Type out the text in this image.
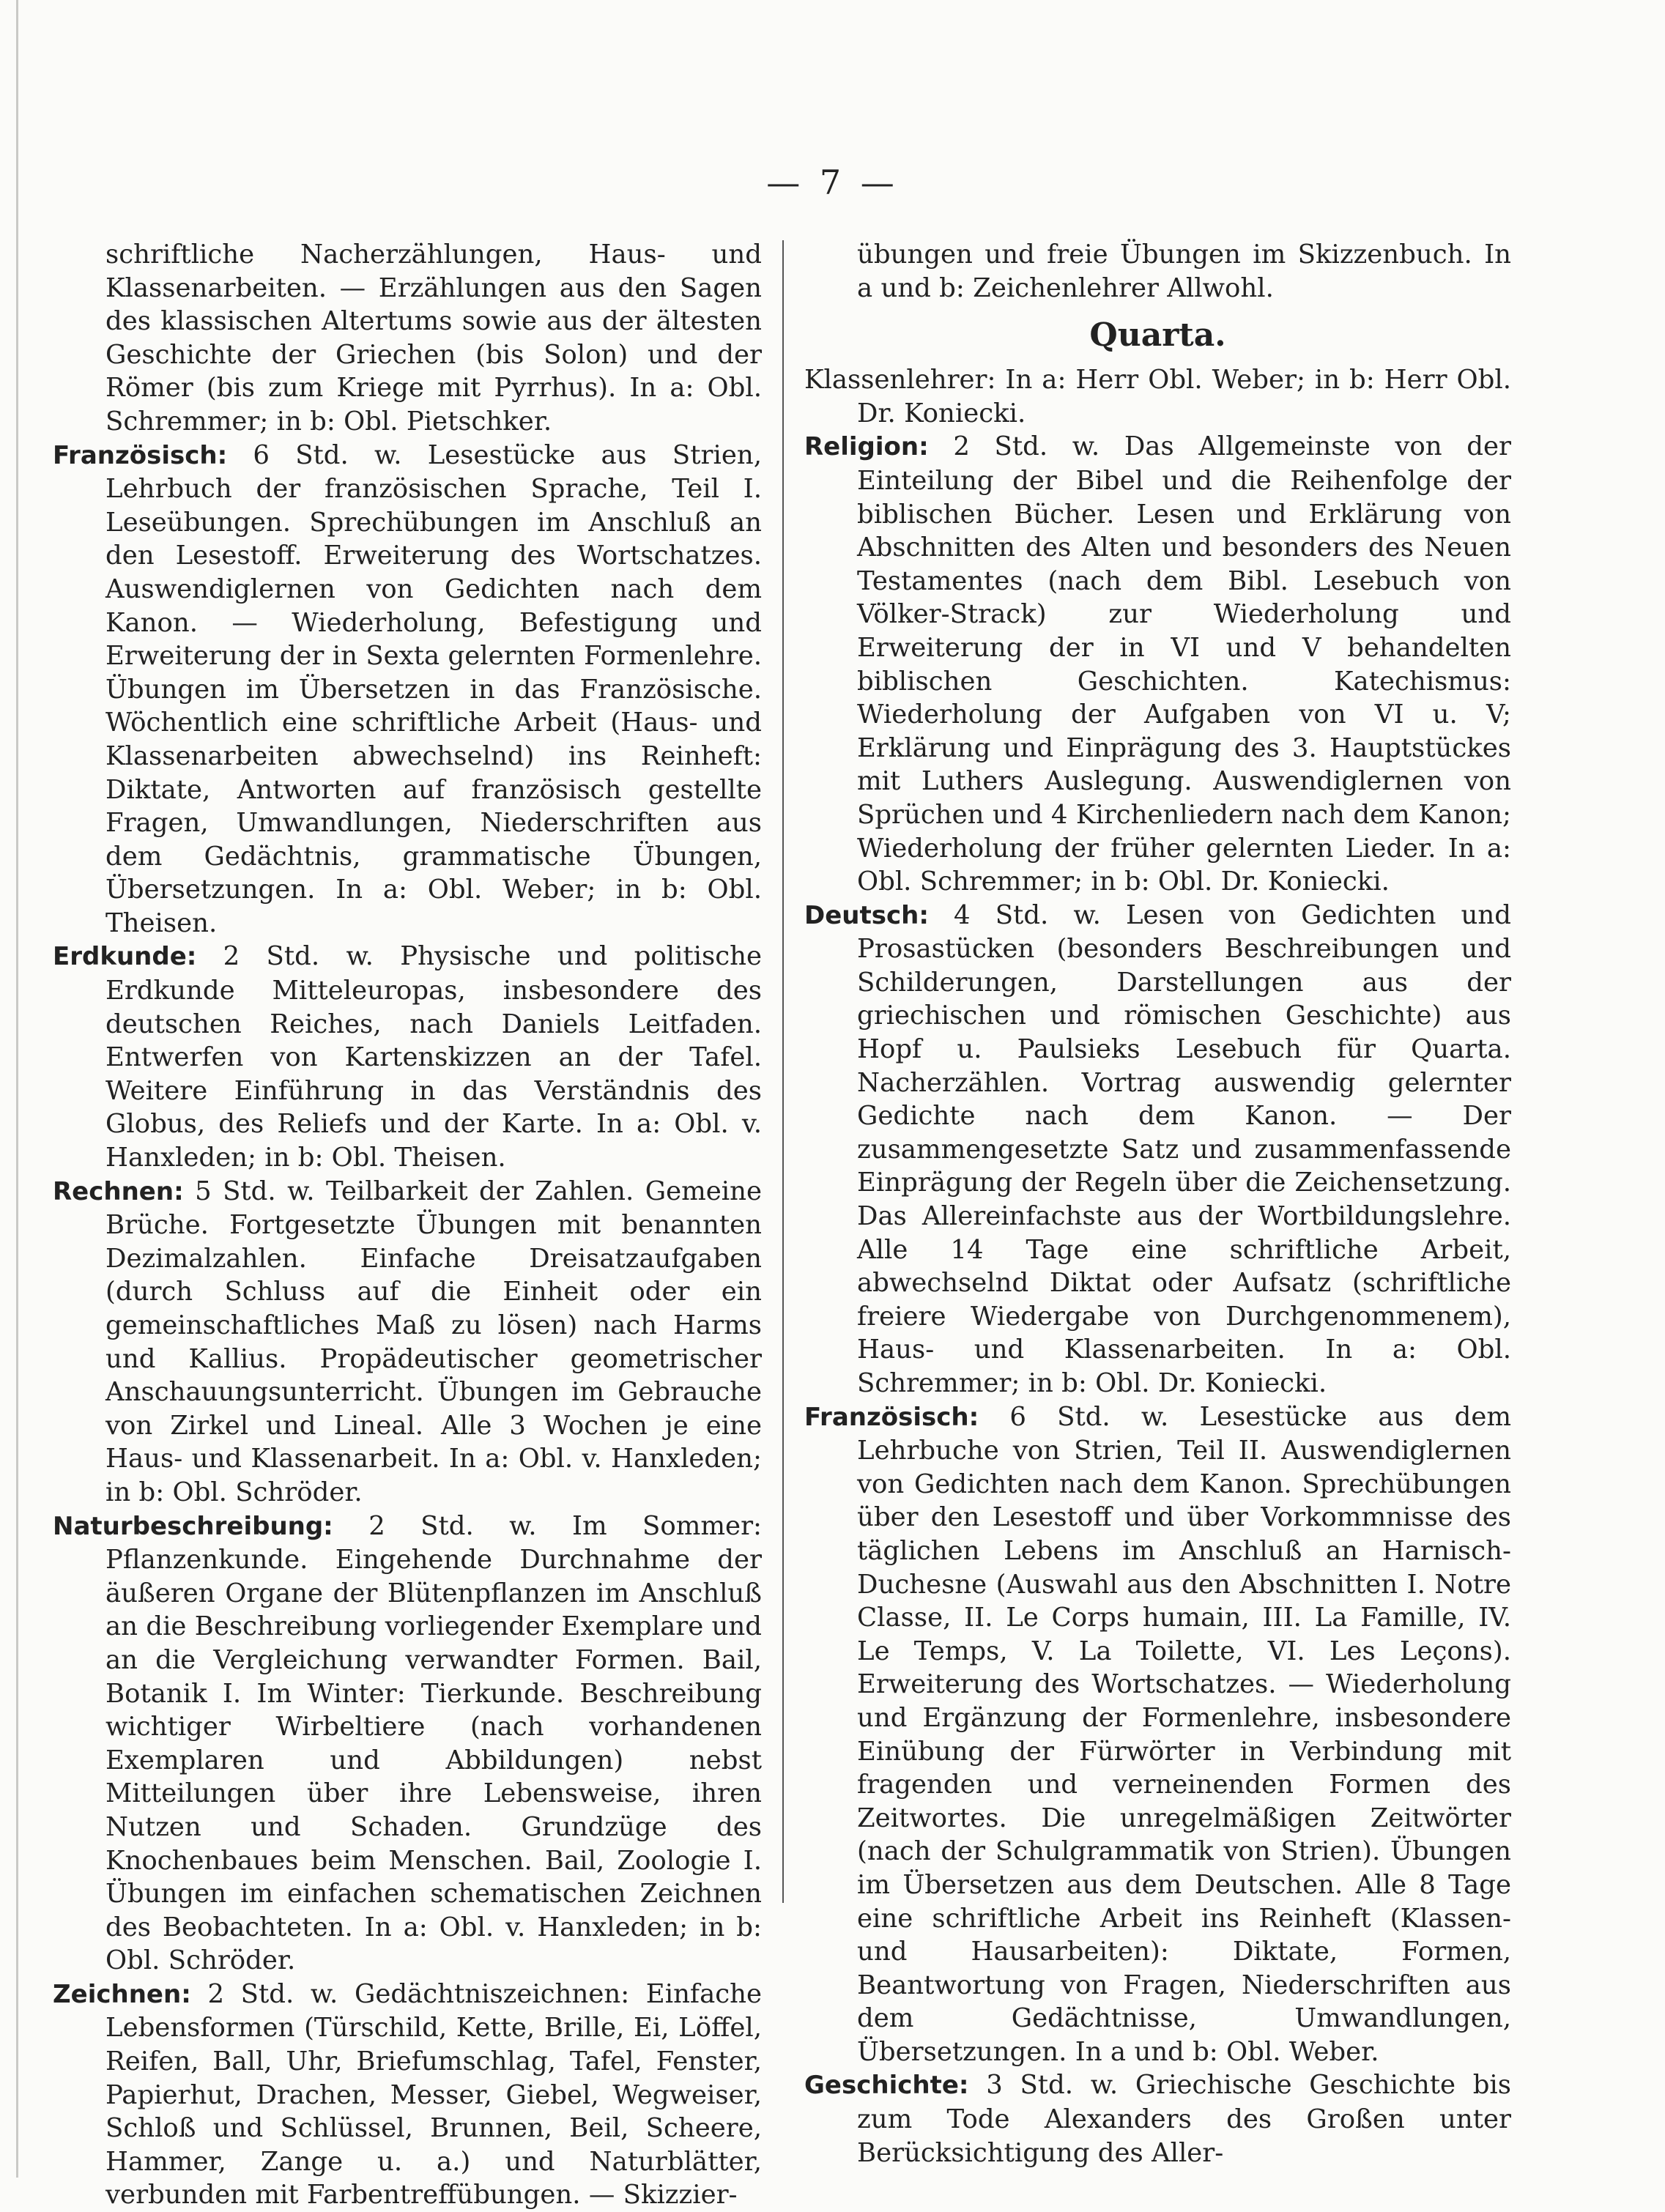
— 7 —

schriftliche Nacherzählungen, Haus- und Klassenarbeiten. — Erzählungen aus den Sagen des klassischen Altertums sowie aus der ältesten Geschichte der Griechen (bis Solon) und der Römer (bis zum Kriege mit Pyrrhus). In a: Obl. Schremmer; in b: Obl. Pietschker.

Französisch: 6 Std. w. Lesestücke aus Strien, Lehrbuch der französischen Sprache, Teil I. Leseübungen. Sprechübungen im Anschluß an den Lesestoff. Erweiterung des Wortschatzes. Auswendiglernen von Gedichten nach dem Kanon. — Wiederholung, Befestigung und Erweiterung der in Sexta gelernten Formenlehre. Übungen im Übersetzen in das Französische. Wöchentlich eine schriftliche Arbeit (Haus- und Klassenarbeiten abwechselnd) ins Reinheft: Diktate, Antworten auf französisch gestellte Fragen, Umwandlungen, Niederschriften aus dem Gedächtnis, grammatische Übungen, Übersetzungen. In a: Obl. Weber; in b: Obl. Theisen.

Erdkunde: 2 Std. w. Physische und politische Erdkunde Mitteleuropas, insbesondere des deutschen Reiches, nach Daniels Leitfaden. Entwerfen von Kartenskizzen an der Tafel. Weitere Einführung in das Verständnis des Globus, des Reliefs und der Karte. In a: Obl. v. Hanxleden; in b: Obl. Theisen.

Rechnen: 5 Std. w. Teilbarkeit der Zahlen. Gemeine Brüche. Fortgesetzte Übungen mit benannten Dezimalzahlen. Einfache Dreisatzaufgaben (durch Schluss auf die Einheit oder ein gemeinschaftliches Maß zu lösen) nach Harms und Kallius. Propädeutischer geometrischer Anschauungsunterricht. Übungen im Gebrauche von Zirkel und Lineal. Alle 3 Wochen je eine Haus- und Klassenarbeit. In a: Obl. v. Hanxleden; in b: Obl. Schröder.

Naturbeschreibung: 2 Std. w. Im Sommer: Pflanzenkunde. Eingehende Durchnahme der äußeren Organe der Blütenpflanzen im Anschluß an die Beschreibung vorliegender Exemplare und an die Vergleichung verwandter Formen. Bail, Botanik I. Im Winter: Tierkunde. Beschreibung wichtiger Wirbeltiere (nach vorhandenen Exemplaren und Abbildungen) nebst Mitteilungen über ihre Lebensweise, ihren Nutzen und Schaden. Grundzüge des Knochenbaues beim Menschen. Bail, Zoologie I. Übungen im einfachen schematischen Zeichnen des Beobachteten. In a: Obl. v. Hanxleden; in b: Obl. Schröder.

Zeichnen: 2 Std. w. Gedächtniszeichnen: Einfache Lebensformen (Türschild, Kette, Brille, Ei, Löffel, Reifen, Ball, Uhr, Briefumschlag, Tafel, Fenster, Papierhut, Drachen, Messer, Giebel, Wegweiser, Schloß und Schlüssel, Brunnen, Beil, Scheere, Hammer, Zange u. a.) und Naturblätter, verbunden mit Farbentreffübungen. — Skizzier-

übungen und freie Übungen im Skizzenbuch. In a und b: Zeichenlehrer Allwohl.

Quarta.

Klassenlehrer: In a: Herr Obl. Weber; in b: Herr Obl. Dr. Koniecki.

Religion: 2 Std. w. Das Allgemeinste von der Einteilung der Bibel und die Reihenfolge der biblischen Bücher. Lesen und Erklärung von Abschnitten des Alten und besonders des Neuen Testamentes (nach dem Bibl. Lesebuch von Völker-Strack) zur Wiederholung und Erweiterung der in VI und V behandelten biblischen Geschichten. Katechismus: Wiederholung der Aufgaben von VI u. V; Erklärung und Einprägung des 3. Hauptstückes mit Luthers Auslegung. Auswendiglernen von Sprüchen und 4 Kirchenliedern nach dem Kanon; Wiederholung der früher gelernten Lieder. In a: Obl. Schremmer; in b: Obl. Dr. Koniecki.

Deutsch: 4 Std. w. Lesen von Gedichten und Prosastücken (besonders Beschreibungen und Schilderungen, Darstellungen aus der griechischen und römischen Geschichte) aus Hopf u. Paulsieks Lesebuch für Quarta. Nacherzählen. Vortrag auswendig gelernter Gedichte nach dem Kanon. — Der zusammengesetzte Satz und zusammenfassende Einprägung der Regeln über die Zeichensetzung. Das Allereinfachste aus der Wortbildungslehre. Alle 14 Tage eine schriftliche Arbeit, abwechselnd Diktat oder Aufsatz (schriftliche freiere Wiedergabe von Durchgenommenem), Haus- und Klassenarbeiten. In a: Obl. Schremmer; in b: Obl. Dr. Koniecki.

Französisch: 6 Std. w. Lesestücke aus dem Lehrbuche von Strien, Teil II. Auswendiglernen von Gedichten nach dem Kanon. Sprechübungen über den Lesestoff und über Vorkommnisse des täglichen Lebens im Anschluß an Harnisch-Duchesne (Auswahl aus den Abschnitten I. Notre Classe, II. Le Corps humain, III. La Famille, IV. Le Temps, V. La Toilette, VI. Les Leçons). Erweiterung des Wortschatzes. — Wiederholung und Ergänzung der Formenlehre, insbesondere Einübung der Fürwörter in Verbindung mit fragenden und verneinenden Formen des Zeitwortes. Die unregelmäßigen Zeitwörter (nach der Schulgrammatik von Strien). Übungen im Übersetzen aus dem Deutschen. Alle 8 Tage eine schriftliche Arbeit ins Reinheft (Klassen- und Hausarbeiten): Diktate, Formen, Beantwortung von Fragen, Niederschriften aus dem Gedächtnisse, Umwandlungen, Übersetzungen. In a und b: Obl. Weber.

Geschichte: 3 Std. w. Griechische Geschichte bis zum Tode Alexanders des Großen unter Berücksichtigung des Aller-
